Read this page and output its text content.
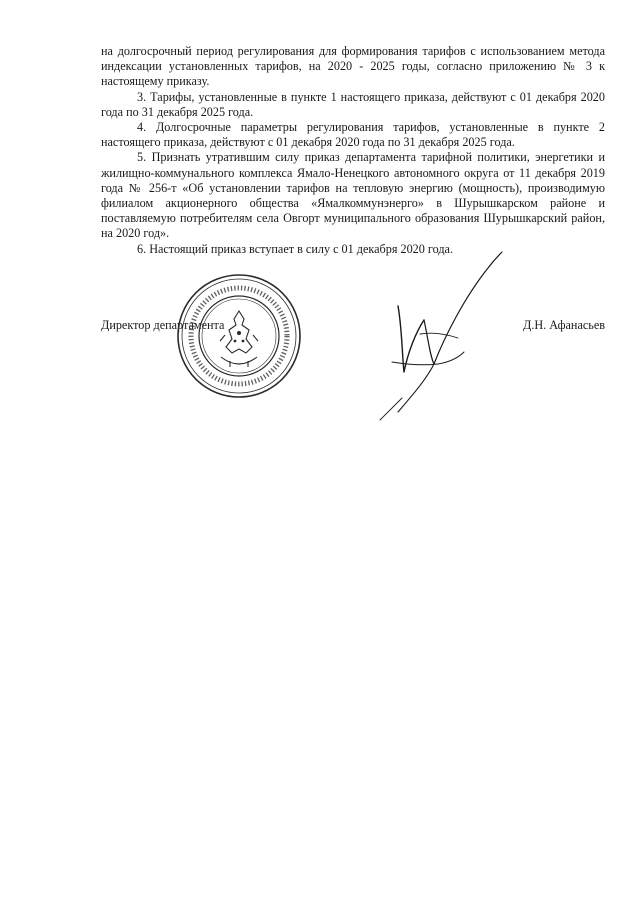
на долгосрочный период регулирования для формирования тарифов с использованием метода индексации установленных тарифов, на 2020 - 2025 годы, согласно приложению № 3 к настоящему приказу.

3. Тарифы, установленные в пункте 1 настоящего приказа, действуют с 01 декабря 2020 года по 31 декабря 2025 года.

4. Долгосрочные параметры регулирования тарифов, установленные в пункте 2 настоящего приказа, действуют с 01 декабря 2020 года по 31 декабря 2025 года.

5. Признать утратившим силу приказ департамента тарифной политики, энергетики и жилищно-коммунального комплекса Ямало-Ненецкого автономного округа от 11 декабря 2019 года № 256-т «Об установлении тарифов на тепловую энергию (мощность), производимую филиалом акционерного общества «Ямалкоммунэнерго» в Шурышкарском районе и поставляемую потребителям села Овгорт муниципального образования Шурышкарский район, на 2020 год».

6. Настоящий приказ вступает в силу с 01 декабря 2020 года.

Директор департамента	Д.Н. Афанасьев
